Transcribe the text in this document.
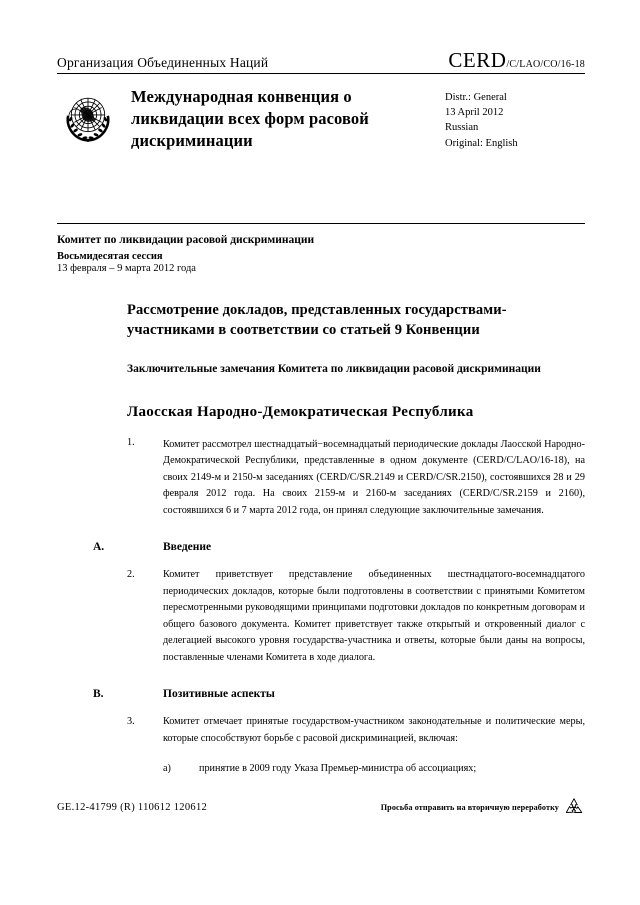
Организация Объединенных Наций	CERD/C/LAO/CO/16-18
Международная конвенция о ликвидации всех форм расовой дискриминации
Distr.: General
13 April 2012
Russian
Original: English
Комитет по ликвидации расовой дискриминации
Восьмидесятая сессия
13 февраля – 9 марта 2012 года
Рассмотрение докладов, представленных государствами-участниками в соответствии со статьей 9 Конвенции
Заключительные замечания Комитета по ликвидации расовой дискриминации
Лаосская Народно-Демократическая Республика
1.	Комитет рассмотрел шестнадцатый−восемнадцатый периодические доклады Лаосской Народно-Демократической Республики, представленные в одном документе (CERD/C/LAO/16-18), на своих 2149-м и 2150-м заседаниях (CERD/C/SR.2149 и CERD/C/SR.2150), состоявшихся 28 и 29 февраля 2012 года. На своих 2159-м и 2160-м заседаниях (CERD/C/SR.2159 и 2160), состоявшихся 6 и 7 марта 2012 года, он принял следующие заключительные замечания.
A.	Введение
2.	Комитет приветствует представление объединенных шестнадцатого-восемнадцатого периодических докладов, которые были подготовлены в соответствии с принятыми Комитетом пересмотренными руководящими принципами подготовки докладов по конкретным договорам и общего базового документа. Комитет приветствует также открытый и откровенный диалог с делегацией высокого уровня государства-участника и ответы, которые были даны на вопросы, поставленные членами Комитета в ходе диалога.
B.	Позитивные аспекты
3.	Комитет отмечает принятые государством-участником законодательные и политические меры, которые способствуют борьбе с расовой дискриминацией, включая:
a)	принятие в 2009 году Указа Премьер-министра об ассоциациях;
GE.12-41799 (R) 110612 120612	Просьба отправить на вторичную переработку
